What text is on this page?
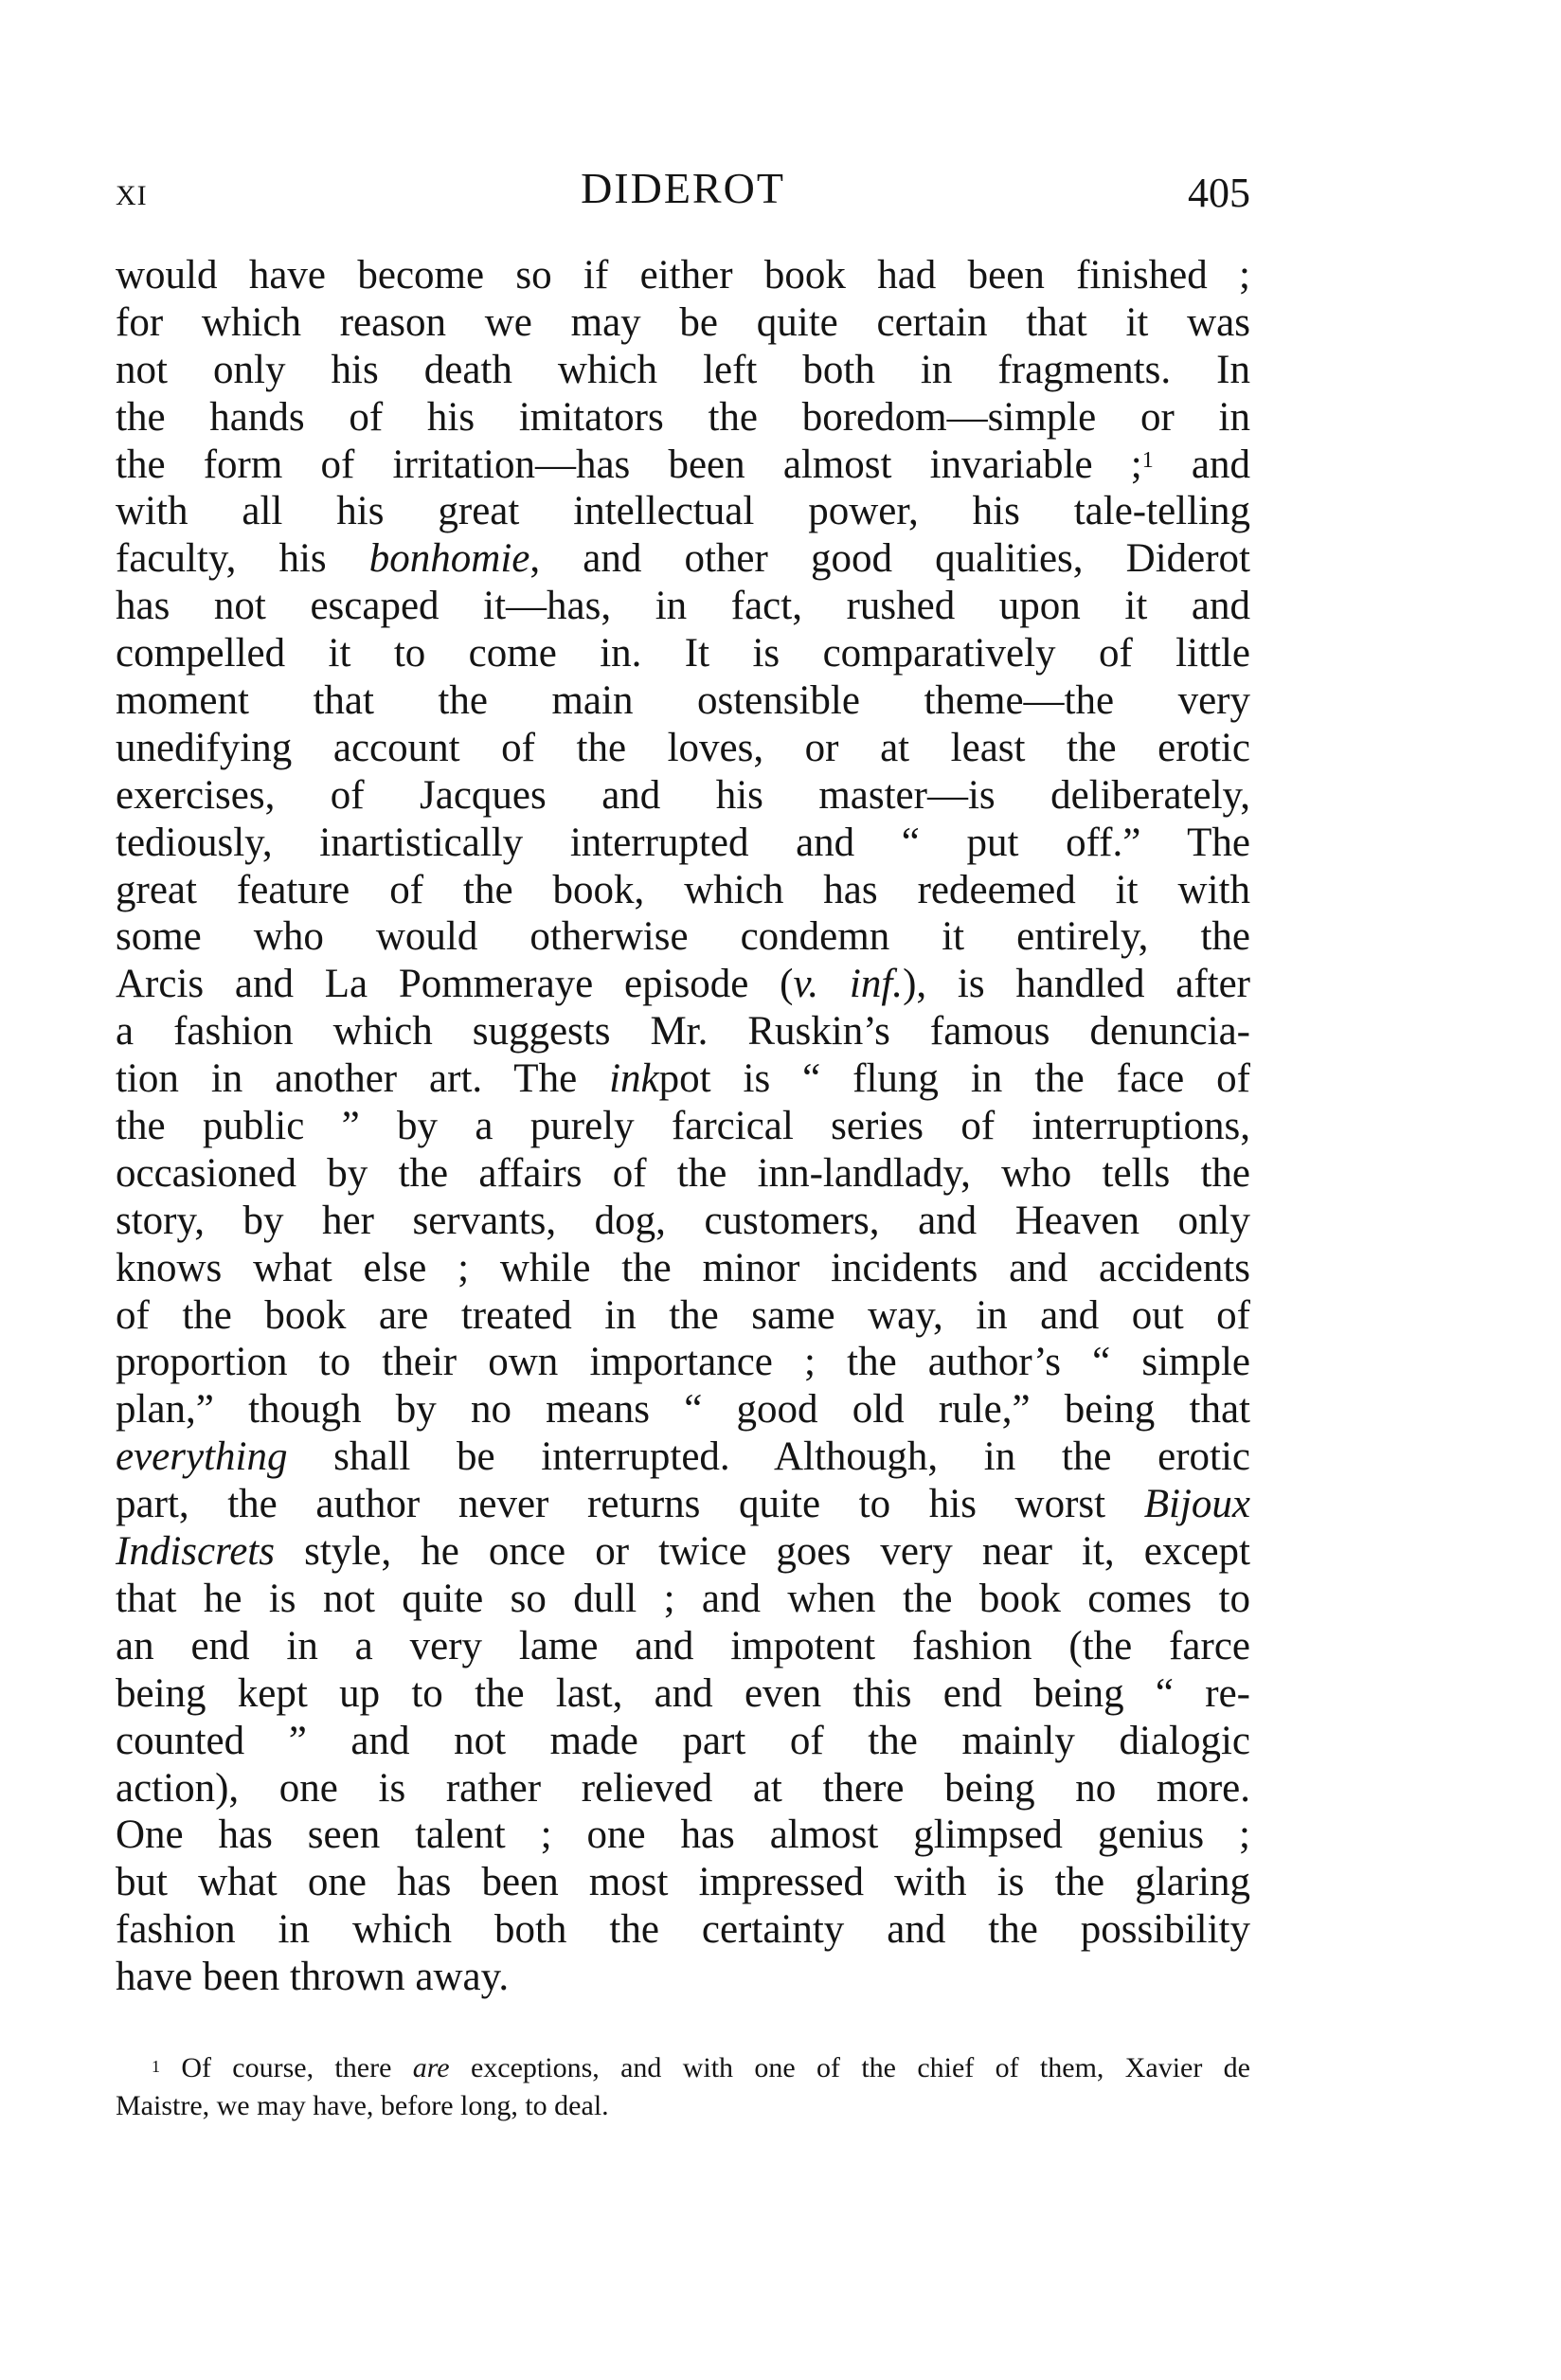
XI	DIDEROT	405
would have become so if either book had been finished ;
for which reason we may be quite certain that it was
not only his death which left both in fragments. In
the hands of his imitators the boredom—simple or in
the form of irritation—has been almost invariable ;$^1$ and
with all his great intellectual power, his tale-telling
faculty, his bonhomie, and other good qualities, Diderot
has not escaped it—has, in fact, rushed upon it and
compelled it to come in. It is comparatively of little
moment that the main ostensible theme—the very
unedifying account of the loves, or at least the erotic
exercises, of Jacques and his master—is deliberately,
tediously, inartistically interrupted and “ put off.” The
great feature of the book, which has redeemed it with
some who would otherwise condemn it entirely, the
Arcis and La Pommeraye episode (v. inf.), is handled after
a fashion which suggests Mr. Ruskin’s famous denuncia-
tion in another art. The inkpot is “ flung in the face of
the public ” by a purely farcical series of interruptions,
occasioned by the affairs of the inn-landlady, who tells the
story, by her servants, dog, customers, and Heaven only
knows what else ; while the minor incidents and accidents
of the book are treated in the same way, in and out of
proportion to their own importance ; the author’s “ simple
plan,” though by no means “ good old rule,” being that
everything shall be interrupted. Although, in the erotic
part, the author never returns quite to his worst Bijoux
Indiscrets style, he once or twice goes very near it, except
that he is not quite so dull ; and when the book comes to
an end in a very lame and impotent fashion (the farce
being kept up to the last, and even this end being “ re-
counted ” and not made part of the mainly dialogic
action), one is rather relieved at there being no more.
One has seen talent ; one has almost glimpsed genius ;
but what one has been most impressed with is the glaring
fashion in which both the certainty and the possibility
have been thrown away.
$^1$ Of course, there are exceptions, and with one of the chief of them, Xavier de
Maistre, we may have, before long, to deal.
